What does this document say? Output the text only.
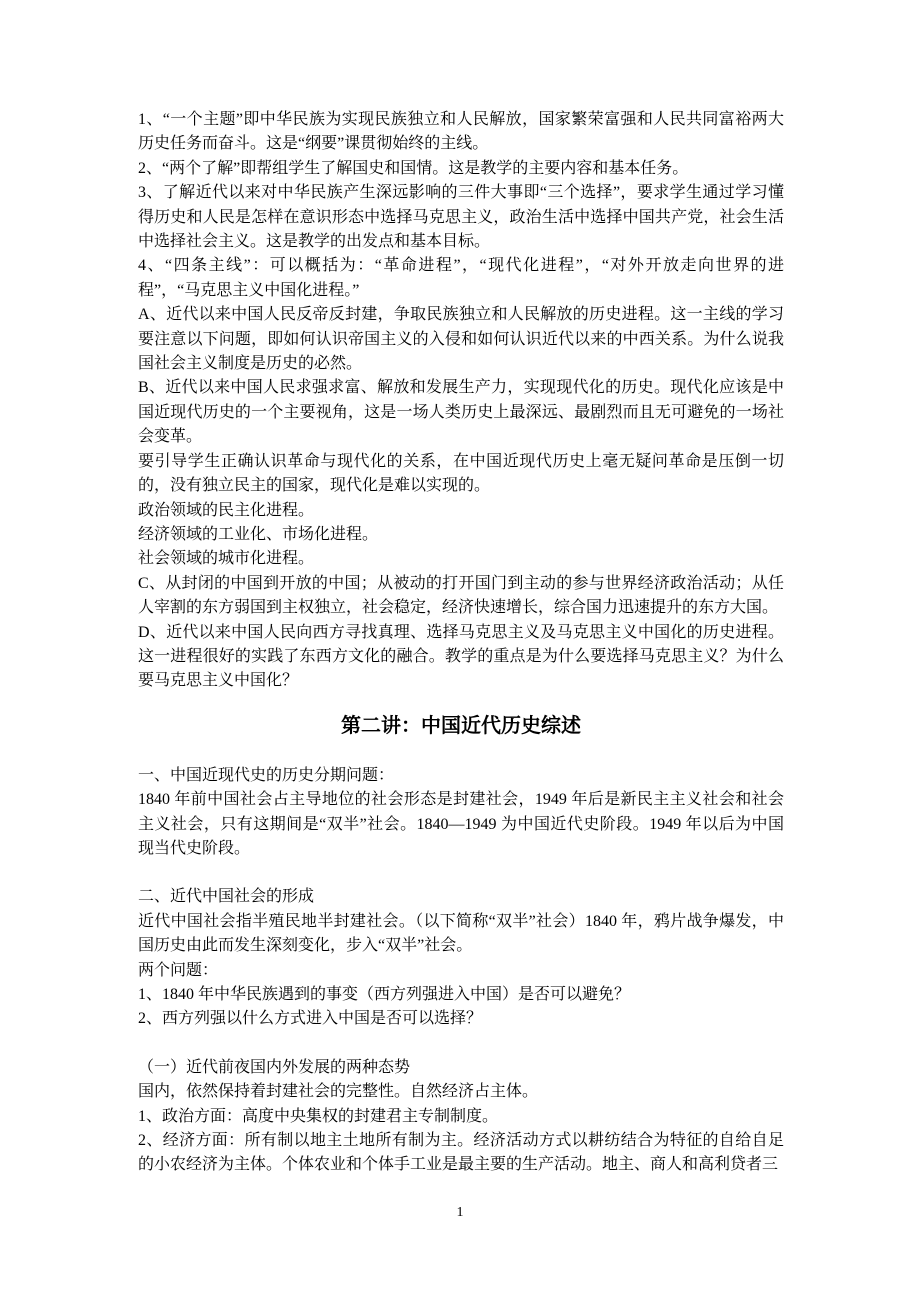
1、“一个主题”即中华民族为实现民族独立和人民解放，国家繁荣富强和人民共同富裕两大历史任务而奋斗。这是“纲要”课贯彻始终的主线。

2、“两个了解”即帮组学生了解国史和国情。这是教学的主要内容和基本任务。

3、了解近代以来对中华民族产生深远影响的三件大事即“三个选择”，要求学生通过学习懂得历史和人民是怎样在意识形态中选择马克思主义，政治生活中选择中国共产党，社会生活中选择社会主义。这是教学的出发点和基本目标。

4、“四条主线”：可以概括为：“革命进程”，“现代化进程”，“对外开放走向世界的进程”，“马克思主义中国化进程。”

A、近代以来中国人民反帝反封建，争取民族独立和人民解放的历史进程。这一主线的学习要注意以下问题，即如何认识帝国主义的入侵和如何认识近代以来的中西关系。为什么说我国社会主义制度是历史的必然。

B、近代以来中国人民求强求富、解放和发展生产力，实现现代化的历史。现代化应该是中国近现代历史的一个主要视角，这是一场人类历史上最深远、最剧烈而且无可避免的一场社会变革。

要引导学生正确认识革命与现代化的关系，在中国近现代历史上毫无疑问革命是压倒一切的，没有独立民主的国家，现代化是难以实现的。

政治领域的民主化进程。

经济领域的工业化、市场化进程。

社会领域的城市化进程。

C、从封闭的中国到开放的中国；从被动的打开国门到主动的参与世界经济政治活动；从任人宰割的东方弱国到主权独立，社会稳定，经济快速增长，综合国力迅速提升的东方大国。

D、近代以来中国人民向西方寻找真理、选择马克思主义及马克思主义中国化的历史进程。这一进程很好的实践了东西方文化的融合。教学的重点是为什么要选择马克思主义？为什么要马克思主义中国化？

第二讲：中国近代历史综述

一、中国近现代史的历史分期问题：

1840 年前中国社会占主导地位的社会形态是封建社会，1949 年后是新民主主义社会和社会主义社会，只有这期间是“双半”社会。1840—1949 为中国近代史阶段。1949 年以后为中国现当代史阶段。

二、近代中国社会的形成

近代中国社会指半殖民地半封建社会。（以下简称“双半”社会）1840 年，鸦片战争爆发，中国历史由此而发生深刻变化，步入“双半”社会。

两个问题：

1、1840 年中华民族遇到的事变（西方列强进入中国）是否可以避免？

2、西方列强以什么方式进入中国是否可以选择？

（一）近代前夜国内外发展的两种态势

国内，依然保持着封建社会的完整性。自然经济占主体。

1、政治方面：高度中央集权的封建君主专制制度。

2、经济方面：所有制以地主土地所有制为主。经济活动方式以耕纺结合为特征的自给自足的小农经济为主体。个体农业和个体手工业是最主要的生产活动。地主、商人和高利贷者三

1
